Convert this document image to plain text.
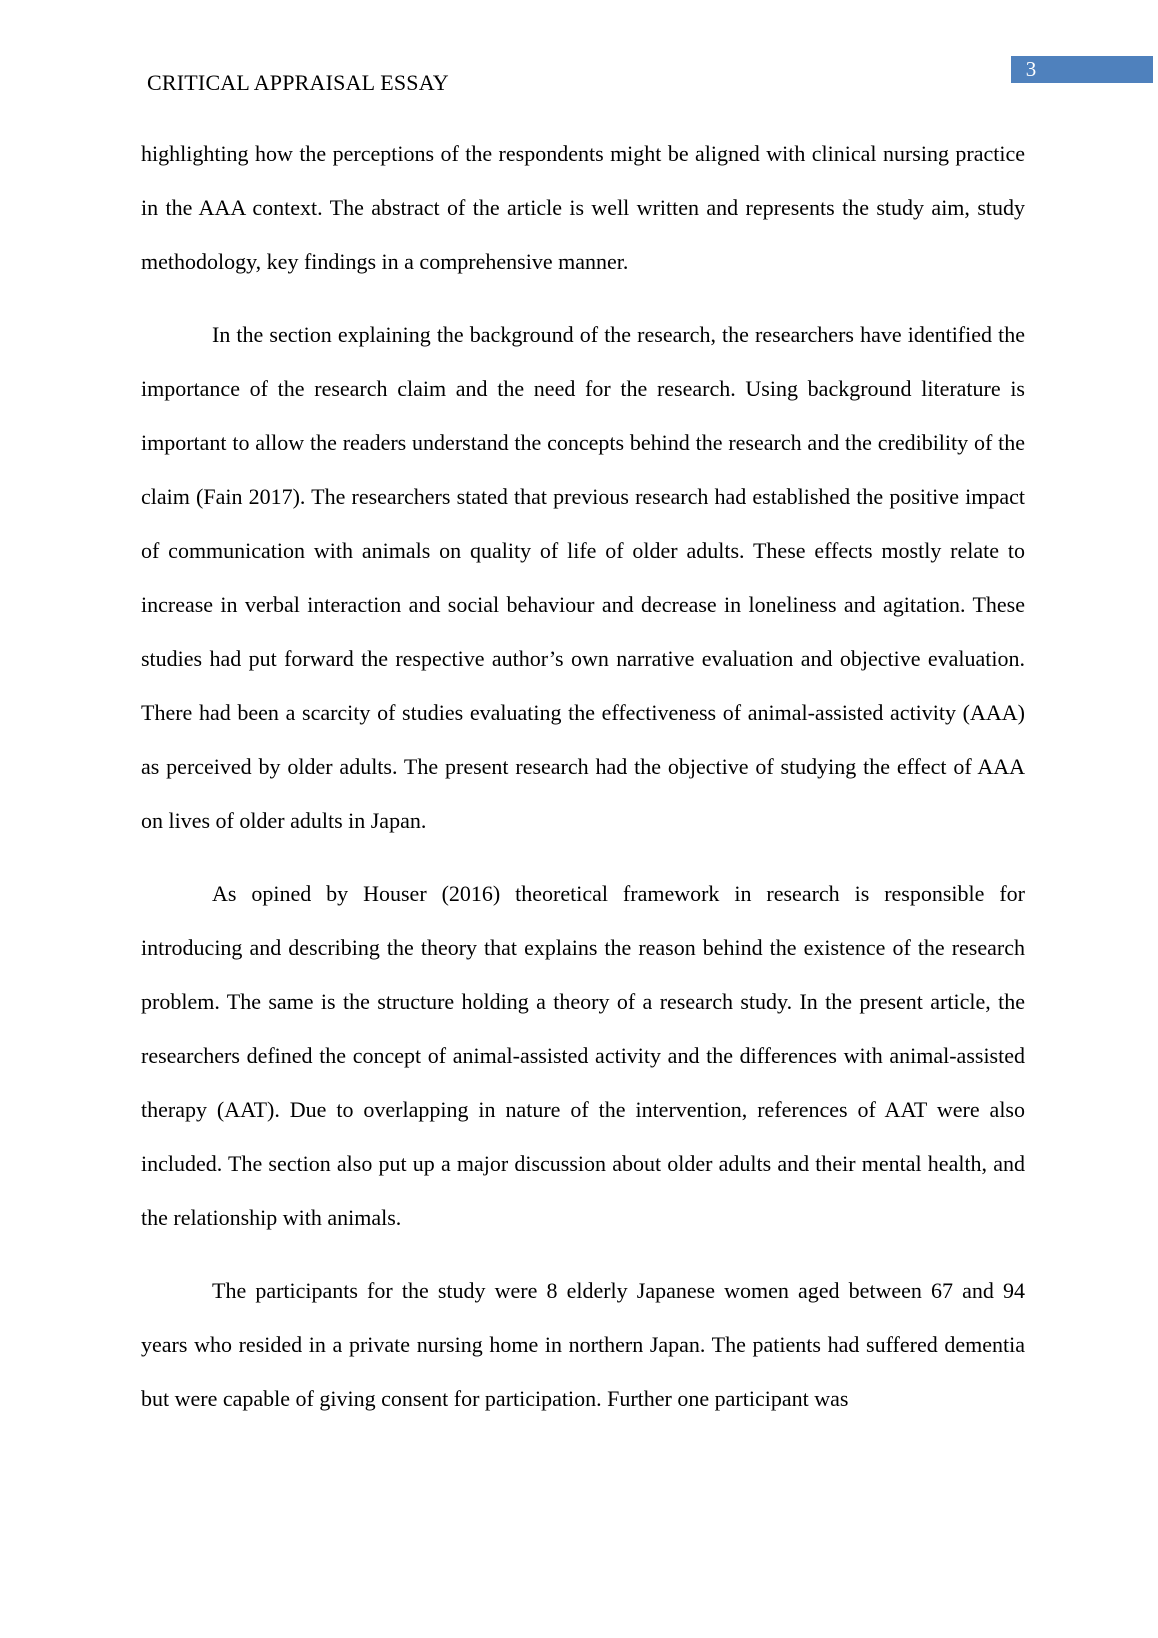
CRITICAL APPRAISAL ESSAY
3

highlighting how the perceptions of the respondents might be aligned with clinical nursing practice in the AAA context. The abstract of the article is well written and represents the study aim, study methodology, key findings in a comprehensive manner.

In the section explaining the background of the research, the researchers have identified the importance of the research claim and the need for the research. Using background literature is important to allow the readers understand the concepts behind the research and the credibility of the claim (Fain 2017). The researchers stated that previous research had established the positive impact of communication with animals on quality of life of older adults. These effects mostly relate to increase in verbal interaction and social behaviour and decrease in loneliness and agitation. These studies had put forward the respective author’s own narrative evaluation and objective evaluation. There had been a scarcity of studies evaluating the effectiveness of animal-assisted activity (AAA) as perceived by older adults. The present research had the objective of studying the effect of AAA on lives of older adults in Japan.

As opined by Houser (2016) theoretical framework in research is responsible for introducing and describing the theory that explains the reason behind the existence of the research problem. The same is the structure holding a theory of a research study. In the present article, the researchers defined the concept of animal-assisted activity and the differences with animal-assisted therapy (AAT). Due to overlapping in nature of the intervention, references of AAT were also included. The section also put up a major discussion about older adults and their mental health, and the relationship with animals.

The participants for the study were 8 elderly Japanese women aged between 67 and 94 years who resided in a private nursing home in northern Japan. The patients had suffered dementia but were capable of giving consent for participation. Further one participant was
